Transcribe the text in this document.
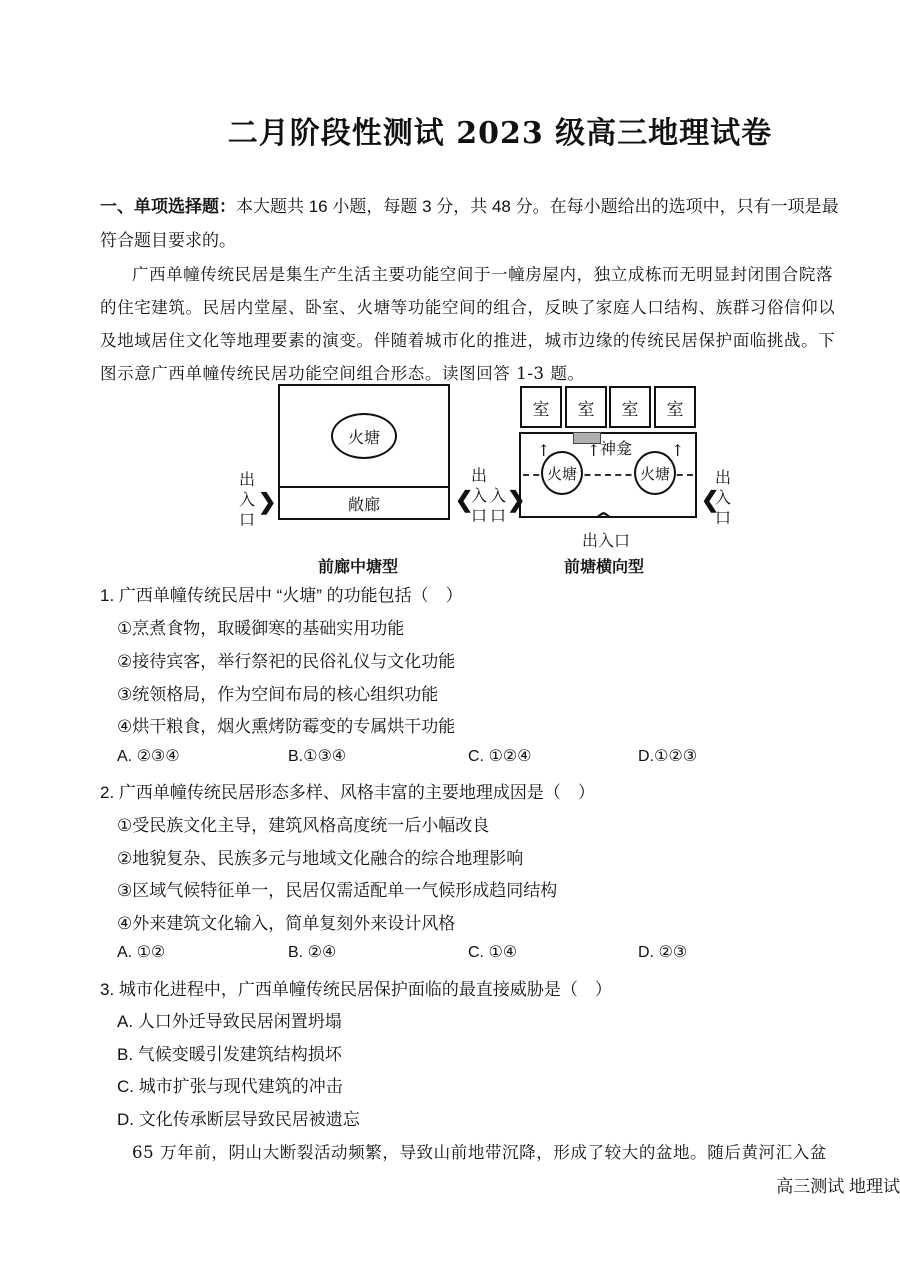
二月阶段性测试 2023 级高三地理试卷
一、单项选择题：本大题共 16 小题，每题 3 分，共 48 分。在每小题给出的选项中，只有一项是最
符合题目要求的。
广西单幢传统民居是集生产生活主要功能空间于一幢房屋内，独立成栋而无明显封闭围合院落
的住宅建筑。民居内堂屋、卧室、火塘等功能空间的组合，反映了家庭人口结构、族群习俗信仰以
及地域居住文化等地理要素的演变。伴随着城市化的推进，城市边缘的传统民居保护面临挑战。下
图示意广西单幢传统民居功能空间组合形态。读图回答 1-3 题。
敞廊
火塘
出
入
口
❯
前廊中塘型
室 室 室 室
神龛
火塘	火塘
↑ ↑	↑
出
入
口
入
口
❮ ❯	❮
出
入
口
^
出入口
前塘横向型
1. 广西单幢传统民居中 “火塘” 的功能包括（　）
①烹煮食物，取暖御寒的基础实用功能
②接待宾客，举行祭祀的民俗礼仪与文化功能
③统领格局，作为空间布局的核心组织功能
④烘干粮食，烟火熏烤防霉变的专属烘干功能
A. ②③④	B.①③④	C. ①②④	D.①②③
2. 广西单幢传统民居形态多样、风格丰富的主要地理成因是（　）
①受民族文化主导，建筑风格高度统一后小幅改良
②地貌复杂、民族多元与地域文化融合的综合地理影响
③区域气候特征单一，民居仅需适配单一气候形成趋同结构
④外来建筑文化输入，简单复刻外来设计风格
A. ①②	B. ②④	C. ①④	D. ②③
3. 城市化进程中，广西单幢传统民居保护面临的最直接威胁是（　）
A. 人口外迁导致民居闲置坍塌
B. 气候变暖引发建筑结构损坏
C. 城市扩张与现代建筑的冲击
D. 文化传承断层导致民居被遗忘
65 万年前，阴山大断裂活动频繁，导致山前地带沉降，形成了较大的盆地。随后黄河汇入盆
高三测试 地理试
